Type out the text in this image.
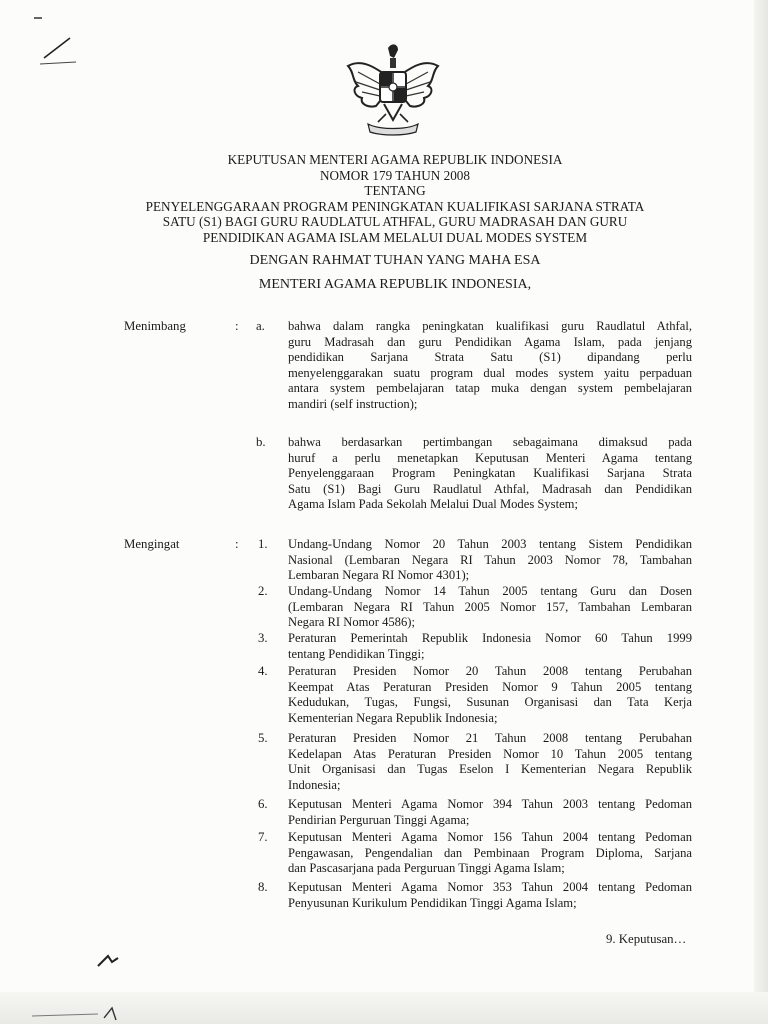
KEPUTUSAN MENTERI AGAMA REPUBLIK INDONESIA
NOMOR 179 TAHUN 2008
TENTANG
PENYELENGGARAAN PROGRAM PENINGKATAN KUALIFIKASI SARJANA STRATA
SATU (S1) BAGI GURU RAUDLATUL ATHFAL, GURU MADRASAH DAN GURU
PENDIDIKAN AGAMA ISLAM MELALUI DUAL MODES SYSTEM
DENGAN RAHMAT TUHAN YANG MAHA ESA
MENTERI AGAMA REPUBLIK INDONESIA,
Menimbang	: a. bahwa dalam rangka peningkatan kualifikasi guru Raudlatul Athfal,
guru Madrasah dan guru Pendidikan Agama Islam, pada jenjang
pendidikan Sarjana Strata Satu (S1) dipandang perlu
menyelenggarakan suatu program dual modes system yaitu perpaduan
antara system pembelajaran tatap muka dengan system pembelajaran
mandiri (self instruction);
b. bahwa berdasarkan pertimbangan sebagaimana dimaksud pada
huruf a perlu menetapkan Keputusan Menteri Agama tentang
Penyelenggaraan Program Peningkatan Kualifikasi Sarjana Strata
Satu (S1) Bagi Guru Raudlatul Athfal, Madrasah dan Pendidikan
Agama Islam Pada Sekolah Melalui Dual Modes System;
Mengingat	: 1. Undang-Undang Nomor 20 Tahun 2003 tentang Sistem Pendidikan
Nasional (Lembaran Negara RI Tahun 2003 Nomor 78, Tambahan
Lembaran Negara RI Nomor 4301);
2. Undang-Undang Nomor 14 Tahun 2005 tentang Guru dan Dosen
(Lembaran Negara RI Tahun 2005 Nomor 157, Tambahan Lembaran
Negara RI Nomor 4586);
3. Peraturan Pemerintah Republik Indonesia Nomor 60 Tahun 1999
tentang Pendidikan Tinggi;
4. Peraturan Presiden Nomor 20 Tahun 2008 tentang Perubahan
Keempat Atas Peraturan Presiden Nomor 9 Tahun 2005 tentang
Kedudukan, Tugas, Fungsi, Susunan Organisasi dan Tata Kerja
Kementerian Negara Republik Indonesia;
5. Peraturan Presiden Nomor 21 Tahun 2008 tentang Perubahan
Kedelapan Atas Peraturan Presiden Nomor 10 Tahun 2005 tentang
Unit Organisasi dan Tugas Eselon I Kementerian Negara Republik
Indonesia;
6. Keputusan Menteri Agama Nomor 394 Tahun 2003 tentang Pedoman
Pendirian Perguruan Tinggi Agama;
7. Keputusan Menteri Agama Nomor 156 Tahun 2004 tentang Pedoman
Pengawasan, Pengendalian dan Pembinaan Program Diploma, Sarjana
dan Pascasarjana pada Perguruan Tinggi Agama Islam;
8. Keputusan Menteri Agama Nomor 353 Tahun 2004 tentang Pedoman
Penyusunan Kurikulum Pendidikan Tinggi Agama Islam;
9. Keputusan…
